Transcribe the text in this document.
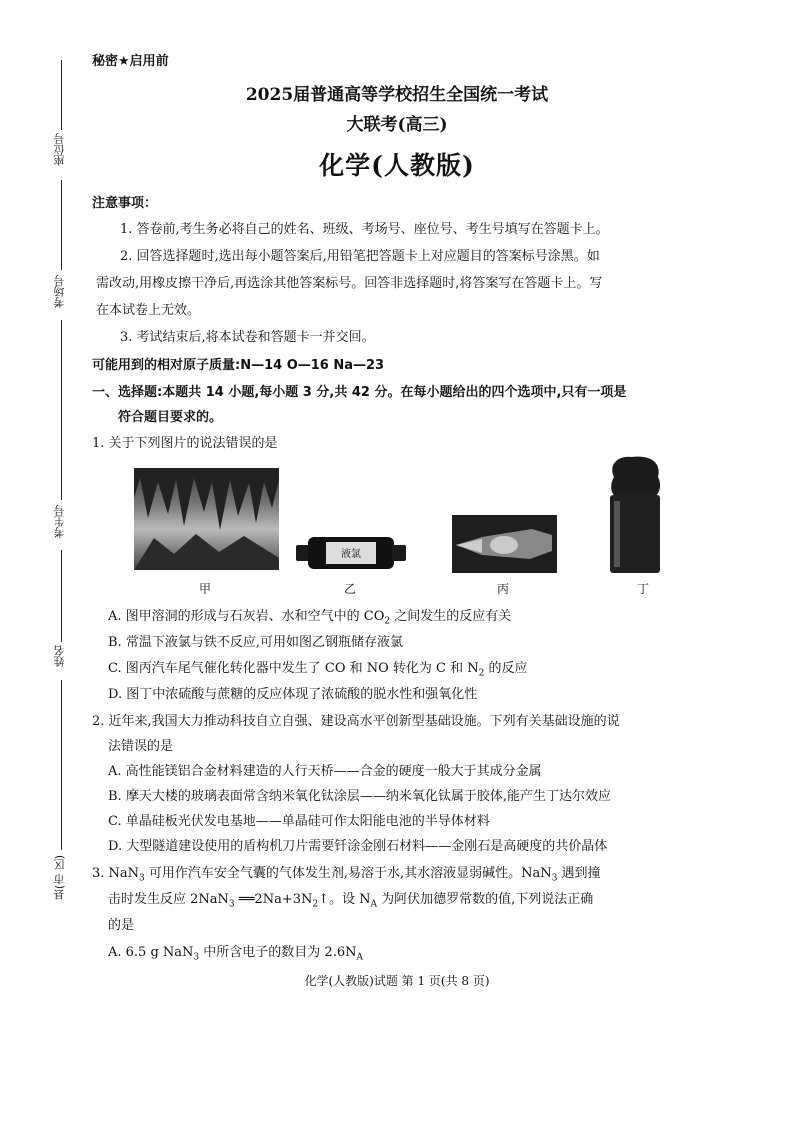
座位号
考场号
考生号
姓名
县(市 区)
秘密★启用前
2025届普通高等学校招生全国统一考试
大联考(高三)
化学(人教版)
注意事项：
1. 答卷前,考生务必将自己的姓名、班级、考场号、座位号、考生号填写在答题卡上。
2. 回答选择题时,选出每小题答案后,用铅笔把答题卡上对应题目的答案标号涂黑。如
需改动,用橡皮擦干净后,再选涂其他答案标号。回答非选择题时,将答案写在答题卡上。写
在本试卷上无效。
3. 考试结束后,将本试卷和答题卡一并交回。
可能用到的相对原子质量:N—14 O—16 Na—23
一、选择题:本题共 14 小题,每小题 3 分,共 42 分。在每小题给出的四个选项中,只有一项是
符合题目要求的。
1. 关于下列图片的说法错误的是
甲
液氯
乙	丙	丁
A. 图甲溶洞的形成与石灰岩、水和空气中的 $CO_2$ 之间发生的反应有关
B. 常温下液氯与铁不反应,可用如图乙钢瓶储存液氯
C. 图丙汽车尾气催化转化器中发生了 CO 和 NO 转化为 C 和 $N_2$ 的反应
D. 图丁中浓硫酸与蔗糖的反应体现了浓硫酸的脱水性和强氧化性
2. 近年来,我国大力推动科技自立自强、建设高水平创新型基础设施。下列有关基础设施的说
法错误的是
A. 高性能镁铝合金材料建造的人行天桥——合金的硬度一般大于其成分金属
B. 摩天大楼的玻璃表面常含纳米氧化钛涂层——纳米氧化钛属于胶体,能产生丁达尔效应
C. 单晶硅板光伏发电基地——单晶硅可作太阳能电池的半导体材料
D. 大型隧道建设使用的盾构机刀片需要钎涂金刚石材料——金刚石是高硬度的共价晶体
3. NaN$_3$ 可用作汽车安全气囊的气体发生剂,易溶于水,其水溶液显弱碱性。NaN$_3$ 遇到撞
击时发生反应 2NaN$_3$ $══2Na+3N_2↑$。设 $N_A$ 为阿伏加德罗常数的值,下列说法正确
的是
A. 6.5 g NaN$_3$ 中所含电子的数目为 $2.6N_A$
化学(人教版)试题 第 1 页(共 8 页)
